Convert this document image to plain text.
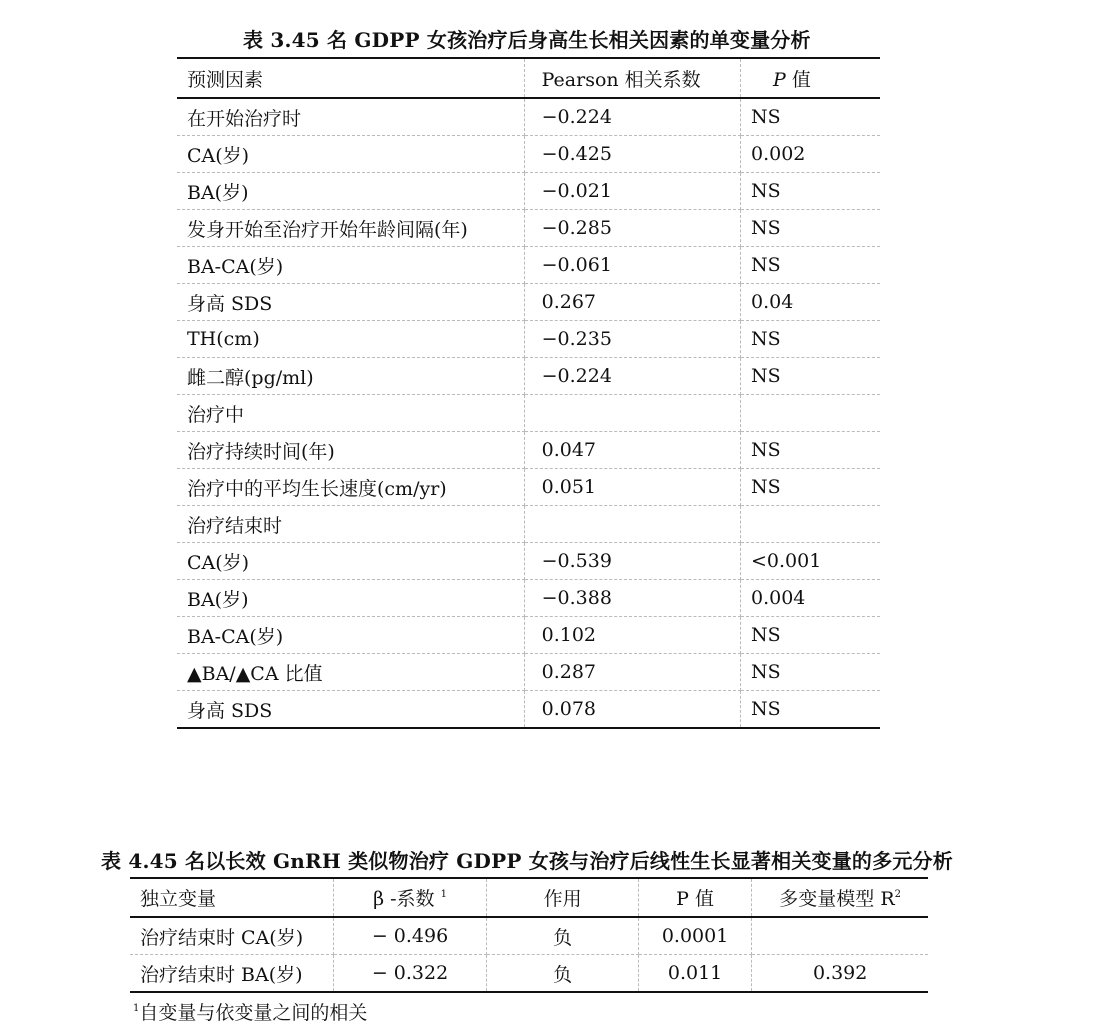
表 3.45 名 GDPP 女孩治疗后身高生长相关因素的单变量分析
预测因素	Pearson 相关系数	P 值
在开始治疗时	−0.224	NS
CA(岁)	−0.425	0.002
BA(岁)	−0.021	NS
发身开始至治疗开始年龄间隔(年)	−0.285	NS
BA-CA(岁)	−0.061	NS
身高 SDS	0.267	0.04
TH(cm)	−0.235	NS
雌二醇(pg/ml)	−0.224	NS
治疗中		
治疗持续时间(年)	0.047	NS
治疗中的平均生长速度(cm/yr)	0.051	NS
治疗结束时		
CA(岁)	−0.539	<0.001
BA(岁)	−0.388	0.004
BA-CA(岁)	0.102	NS
▲BA/▲CA 比值	0.287	NS
身高 SDS	0.078	NS
表 4.45 名以长效 GnRH 类似物治疗 GDPP 女孩与治疗后线性生长显著相关变量的多元分析
独立变量	β -系数 $^1$	作用	P 值	多变量模型 $R^2$
治疗结束时 CA(岁)	− 0.496	负	0.0001	
治疗结束时 BA(岁)	− 0.322	负	0.011	0.392
$^1$自变量与依变量之间的相关
